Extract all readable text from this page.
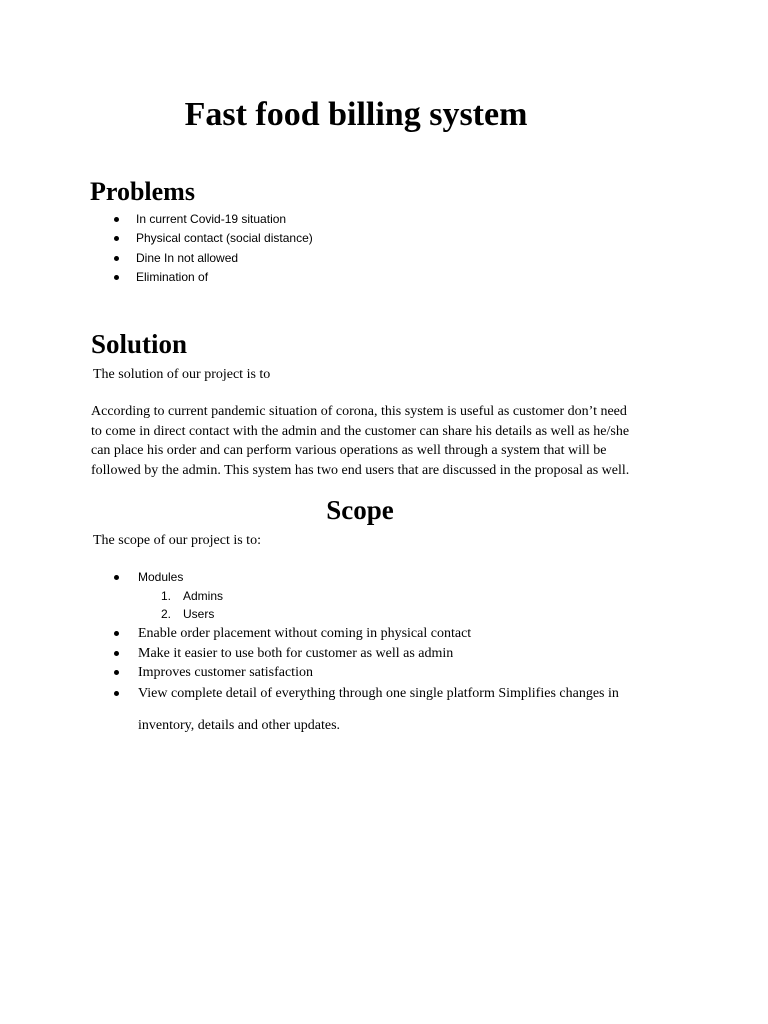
Fast food billing system
Problems
In current Covid-19 situation
Physical contact (social distance)
Dine In not allowed
Elimination of
Solution
The solution of our project is to
According to current pandemic situation of corona, this system is useful as customer don’t need
to come in direct contact with the admin and the customer can share his details as well as he/she
can place his order and can perform various operations as well through a system that will be
followed by the admin. This system has two end users that are discussed in the proposal as well.
Scope
The scope of our project is to:
Modules
1. Admins
2. Users
Enable order placement without coming in physical contact
Make it easier to use both for customer as well as admin
Improves customer satisfaction
View complete detail of everything through one single platform Simplifies changes in
inventory, details and other updates.
